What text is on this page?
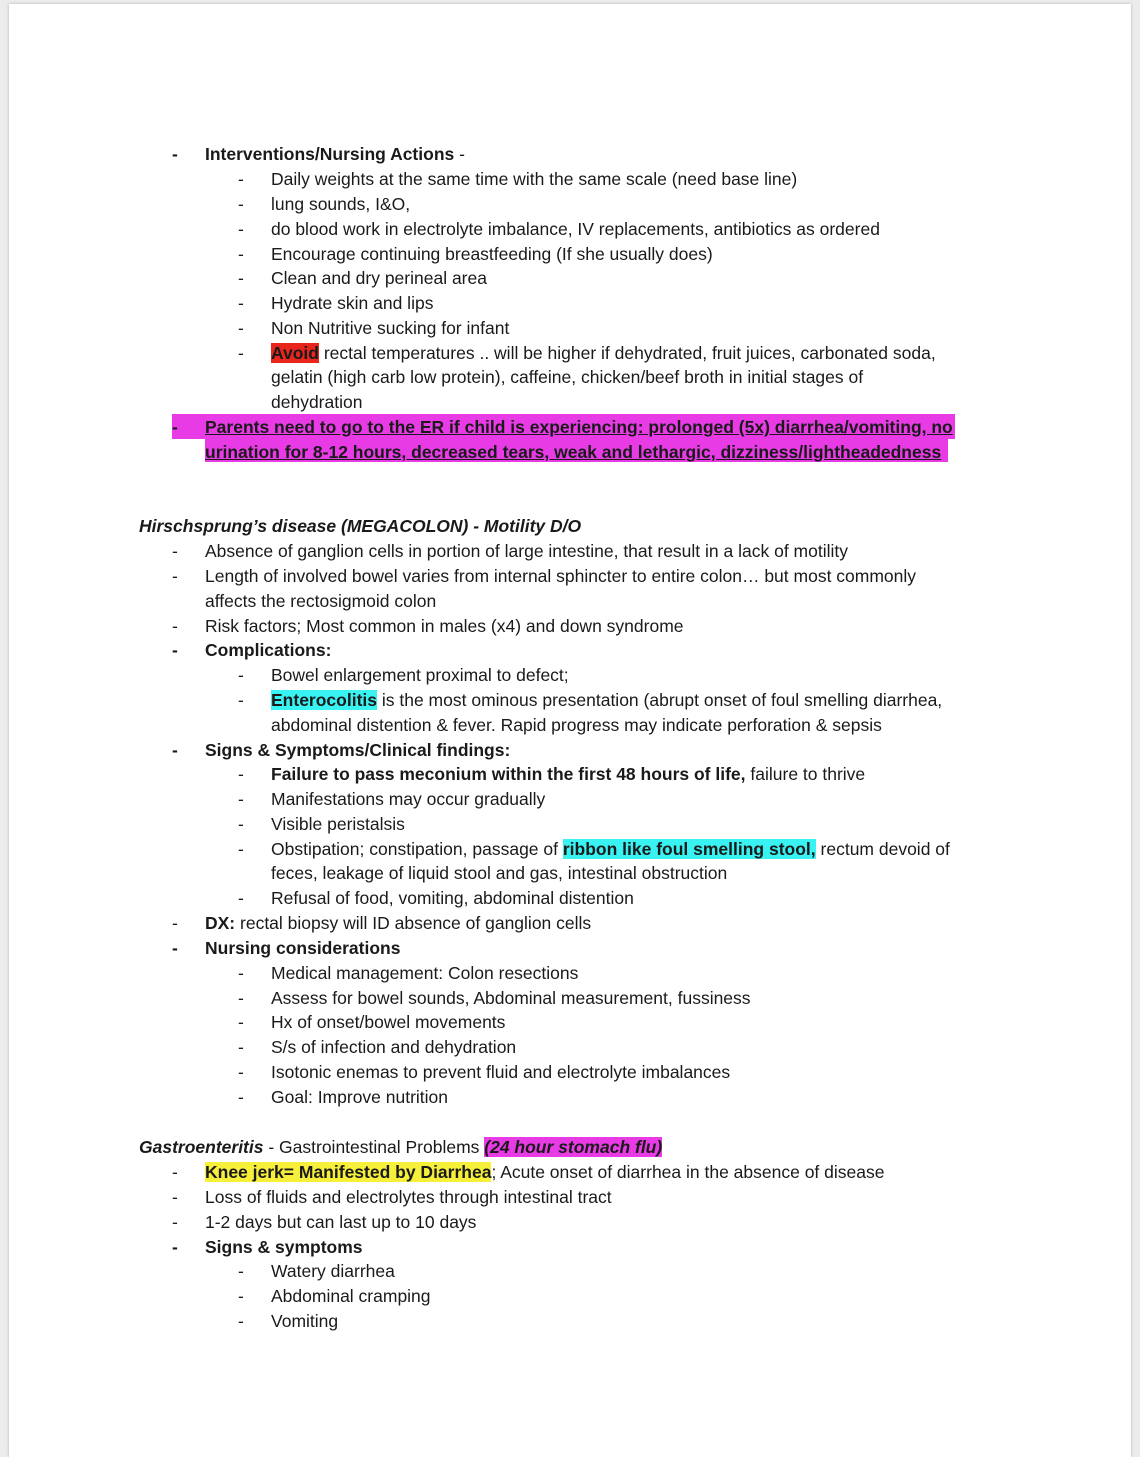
- Interventions/Nursing Actions -
- Daily weights at the same time with the same scale (need base line)
- lung sounds, I&O,
- do blood work in electrolyte imbalance, IV replacements, antibiotics as ordered
- Encourage continuing breastfeeding (If she usually does)
- Clean and dry perineal area
- Hydrate skin and lips
- Non Nutritive sucking for infant
- Avoid rectal temperatures .. will be higher if dehydrated, fruit juices, carbonated soda,
gelatin (high carb low protein), caffeine, chicken/beef broth in initial stages of
dehydration
- Parents need to go to the ER if child is experiencing: prolonged (5x) diarrhea/vomiting, no
urination for 8-12 hours, decreased tears, weak and lethargic, dizziness/lightheadedness
Hirschsprung’s disease (MEGACOLON) - Motility D/O
- Absence of ganglion cells in portion of large intestine, that result in a lack of motility
- Length of involved bowel varies from internal sphincter to entire colon… but most commonly
affects the rectosigmoid colon
- Risk factors; Most common in males (x4) and down syndrome
- Complications:
- Bowel enlargement proximal to defect;
- Enterocolitis is the most ominous presentation (abrupt onset of foul smelling diarrhea,
abdominal distention & fever. Rapid progress may indicate perforation & sepsis
- Signs & Symptoms/Clinical findings:
- Failure to pass meconium within the first 48 hours of life, failure to thrive
- Manifestations may occur gradually
- Visible peristalsis
- Obstipation; constipation, passage of ribbon like foul smelling stool, rectum devoid of
feces, leakage of liquid stool and gas, intestinal obstruction
- Refusal of food, vomiting, abdominal distention
- DX: rectal biopsy will ID absence of ganglion cells
- Nursing considerations
- Medical management: Colon resections
- Assess for bowel sounds, Abdominal measurement, fussiness
- Hx of onset/bowel movements
- S/s of infection and dehydration
- Isotonic enemas to prevent fluid and electrolyte imbalances
- Goal: Improve nutrition
Gastroenteritis - Gastrointestinal Problems (24 hour stomach flu)
- Knee jerk= Manifested by Diarrhea; Acute onset of diarrhea in the absence of disease
- Loss of fluids and electrolytes through intestinal tract
- 1-2 days but can last up to 10 days
- Signs & symptoms
- Watery diarrhea
- Abdominal cramping
- Vomiting
